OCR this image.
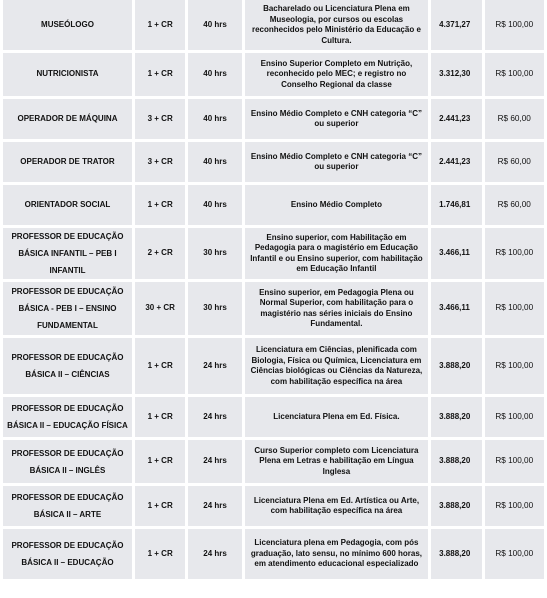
MUSEÓLOGO	1 + CR	40 hrs	Bacharelado ou Licenciatura Plena em Museologia, por cursos ou escolas reconhecidos pelo Ministério da Educação e Cultura.	4.371,27	R$ 100,00
NUTRICIONISTA	1 + CR	40 hrs	Ensino Superior Completo em Nutrição, reconhecido pelo MEC; e registro no Conselho Regional da classe	3.312,30	R$ 100,00
OPERADOR DE MÁQUINA	3 + CR	40 hrs	Ensino Médio Completo e CNH categoria “C” ou superior	2.441,23	R$ 60,00
OPERADOR DE TRATOR	3 + CR	40 hrs	Ensino Médio Completo e CNH categoria “C” ou superior	2.441,23	R$ 60,00
ORIENTADOR SOCIAL	1 + CR	40 hrs	Ensino Médio Completo	1.746,81	R$ 60,00
PROFESSOR DE EDUCAÇÃO BÁSICA INFANTIL – PEB I INFANTIL	2 + CR	30 hrs	Ensino superior, com Habilitação em Pedagogia para o magistério em Educação Infantil e ou Ensino superior, com habilitação em Educação Infantil	3.466,11	R$ 100,00
PROFESSOR DE EDUCAÇÃO BÁSICA - PEB I – ENSINO FUNDAMENTAL	30 + CR	30 hrs	Ensino superior, em Pedagogia Plena ou Normal Superior, com habilitação para o magistério nas séries iniciais do Ensino Fundamental.	3.466,11	R$ 100,00
PROFESSOR DE EDUCAÇÃO BÁSICA II – CIÊNCIAS	1 + CR	24 hrs	Licenciatura em Ciências, plenificada com Biologia, Física ou Química, Licenciatura em Ciências biológicas ou Ciências da Natureza, com habilitação específica na área	3.888,20	R$ 100,00
PROFESSOR DE EDUCAÇÃO BÁSICA II – EDUCAÇÃO FÍSICA	1 + CR	24 hrs	Licenciatura Plena em Ed. Física.	3.888,20	R$ 100,00
PROFESSOR DE EDUCAÇÃO BÁSICA II – INGLÊS	1 + CR	24 hrs	Curso Superior completo com Licenciatura Plena em Letras e habilitação em Língua Inglesa	3.888,20	R$ 100,00
PROFESSOR DE EDUCAÇÃO BÁSICA II – ARTE	1 + CR	24 hrs	Licenciatura Plena em Ed. Artística ou Arte, com habilitação específica na área	3.888,20	R$ 100,00
PROFESSOR DE EDUCAÇÃO BÁSICA II – EDUCAÇÃO	1 + CR	24 hrs	Licenciatura plena em Pedagogia, com pós graduação, lato sensu, no mínimo 600 horas, em atendimento educacional especializado	3.888,20	R$ 100,00
